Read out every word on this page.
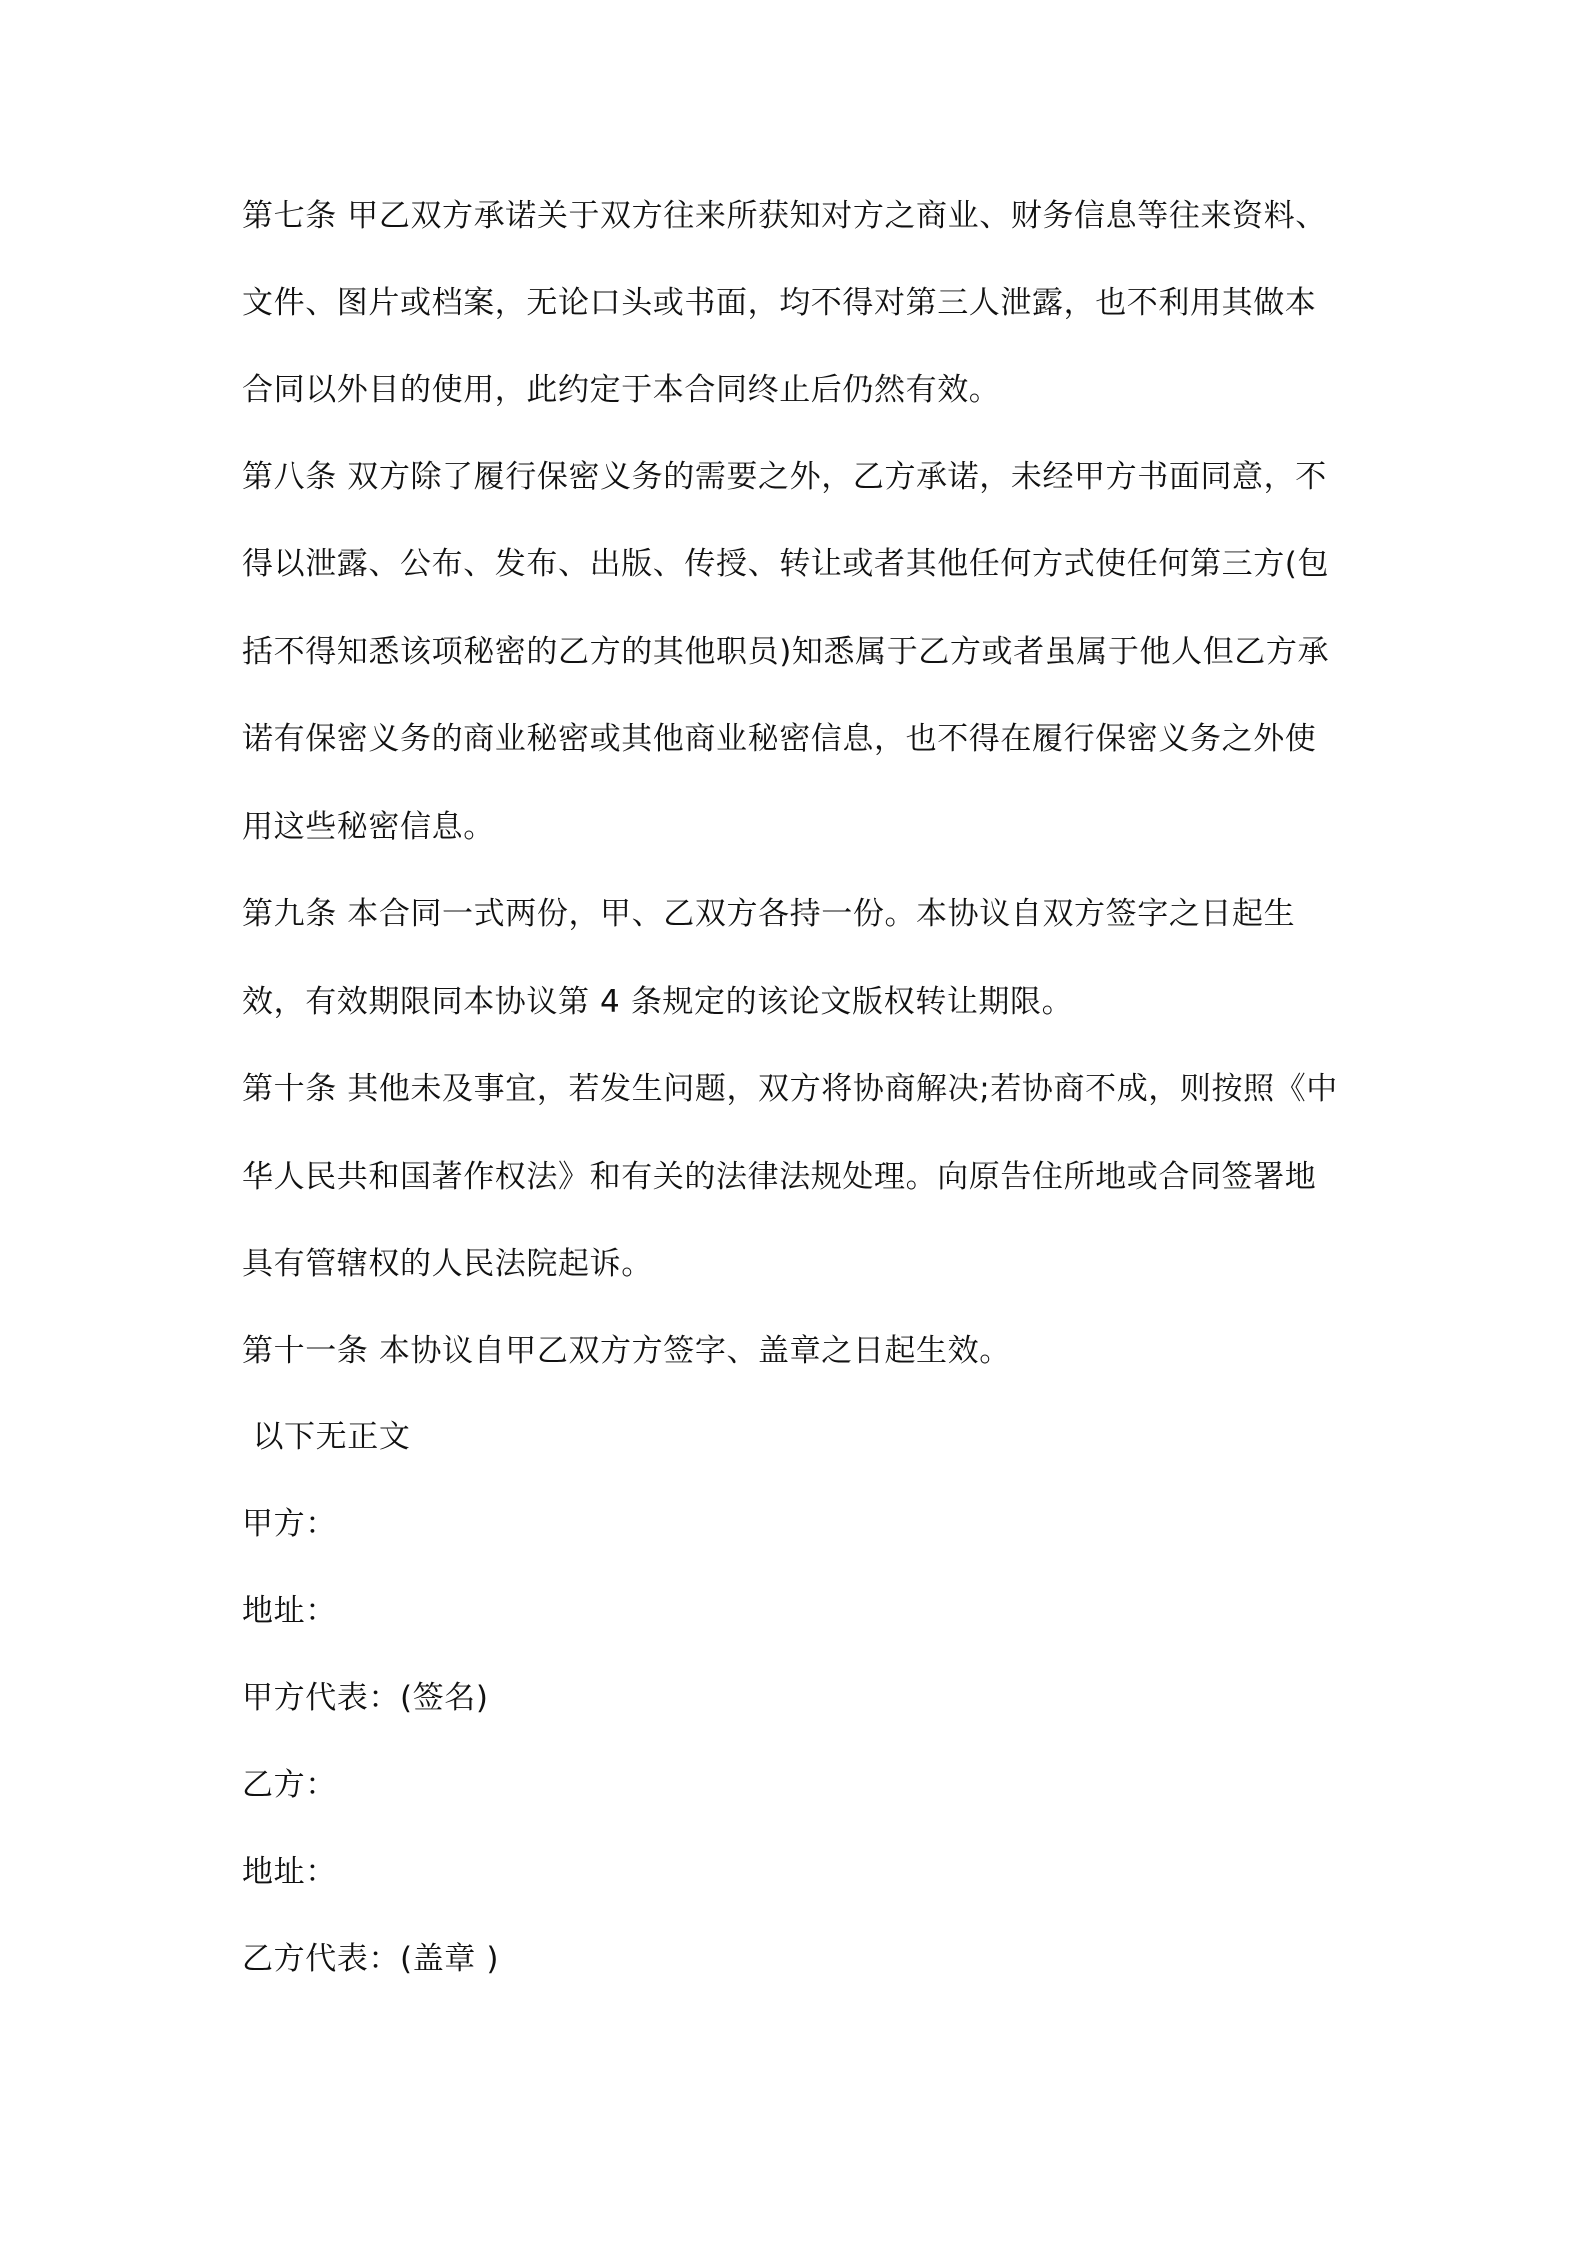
第七条 甲乙双方承诺关于双方往来所获知对方之商业、财务信息等往来资料、
文件、图片或档案，无论口头或书面，均不得对第三人泄露，也不利用其做本
合同以外目的使用，此约定于本合同终止后仍然有效。
第八条 双方除了履行保密义务的需要之外，乙方承诺，未经甲方书面同意，不
得以泄露、公布、发布、出版、传授、转让或者其他任何方式使任何第三方(包
括不得知悉该项秘密的乙方的其他职员)知悉属于乙方或者虽属于他人但乙方承
诺有保密义务的商业秘密或其他商业秘密信息，也不得在履行保密义务之外使
用这些秘密信息。
第九条 本合同一式两份，甲、乙双方各持一份。本协议自双方签字之日起生
效，有效期限同本协议第 4 条规定的该论文版权转让期限。
第十条 其他未及事宜，若发生问题，双方将协商解决;若协商不成，则按照《中
华人民共和国著作权法》和有关的法律法规处理。向原告住所地或合同签署地
具有管辖权的人民法院起诉。
第十一条 本协议自甲乙双方方签字、盖章之日起生效。
以下无正文
甲方：
地址：
甲方代表：(签名)
乙方：
地址：
乙方代表：(盖章 )
